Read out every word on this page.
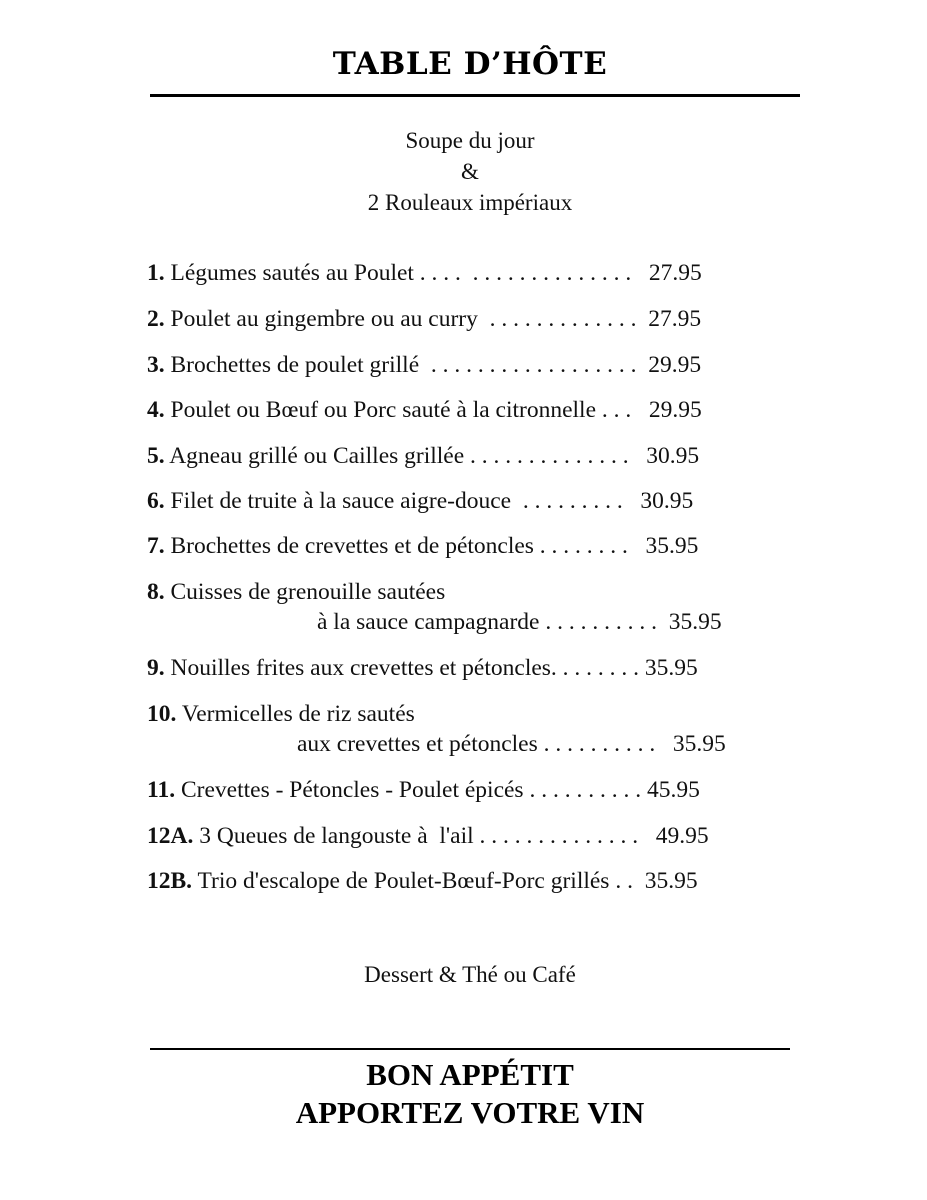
TABLE D’HÔTE
Soupe du jour
&
2 Rouleaux impériaux
1. Légumes sautés au Poulet . . . .  . . . . . . . . . . . . . .   27.95
2. Poulet au gingembre ou au curry  . . . . . . . . . . . . .  27.95
3. Brochettes de poulet grillé  . . . . . . . . . . . . . . . . . .  29.95
4. Poulet ou Bœuf ou Porc sauté à la citronnelle . . .   29.95
5. Agneau grillé ou Cailles grillée . . . . . . . . . . . . . .   30.95
6. Filet de truite à la sauce aigre-douce  . . . . . . . . .   30.95
7. Brochettes de crevettes et de pétoncles . . . . . . . .   35.95
8. Cuisses de grenouille sautées
à la sauce campagnarde . . . . . . . . . .  35.95
9. Nouilles frites aux crevettes et pétoncles. . . . . . . . 35.95
10. Vermicelles de riz sautés
aux crevettes et pétoncles . . . . . . . . . .   35.95
11. Crevettes - Pétoncles - Poulet épicés . . . . . . . . . . 45.95
12A. 3 Queues de langouste à  l'ail . . . . . . . . . . . . . .   49.95
12B. Trio d'escalope de Poulet-Bœuf-Porc grillés . .  35.95
Dessert & Thé ou Café
BON APPÉTIT
APPORTEZ VOTRE VIN
